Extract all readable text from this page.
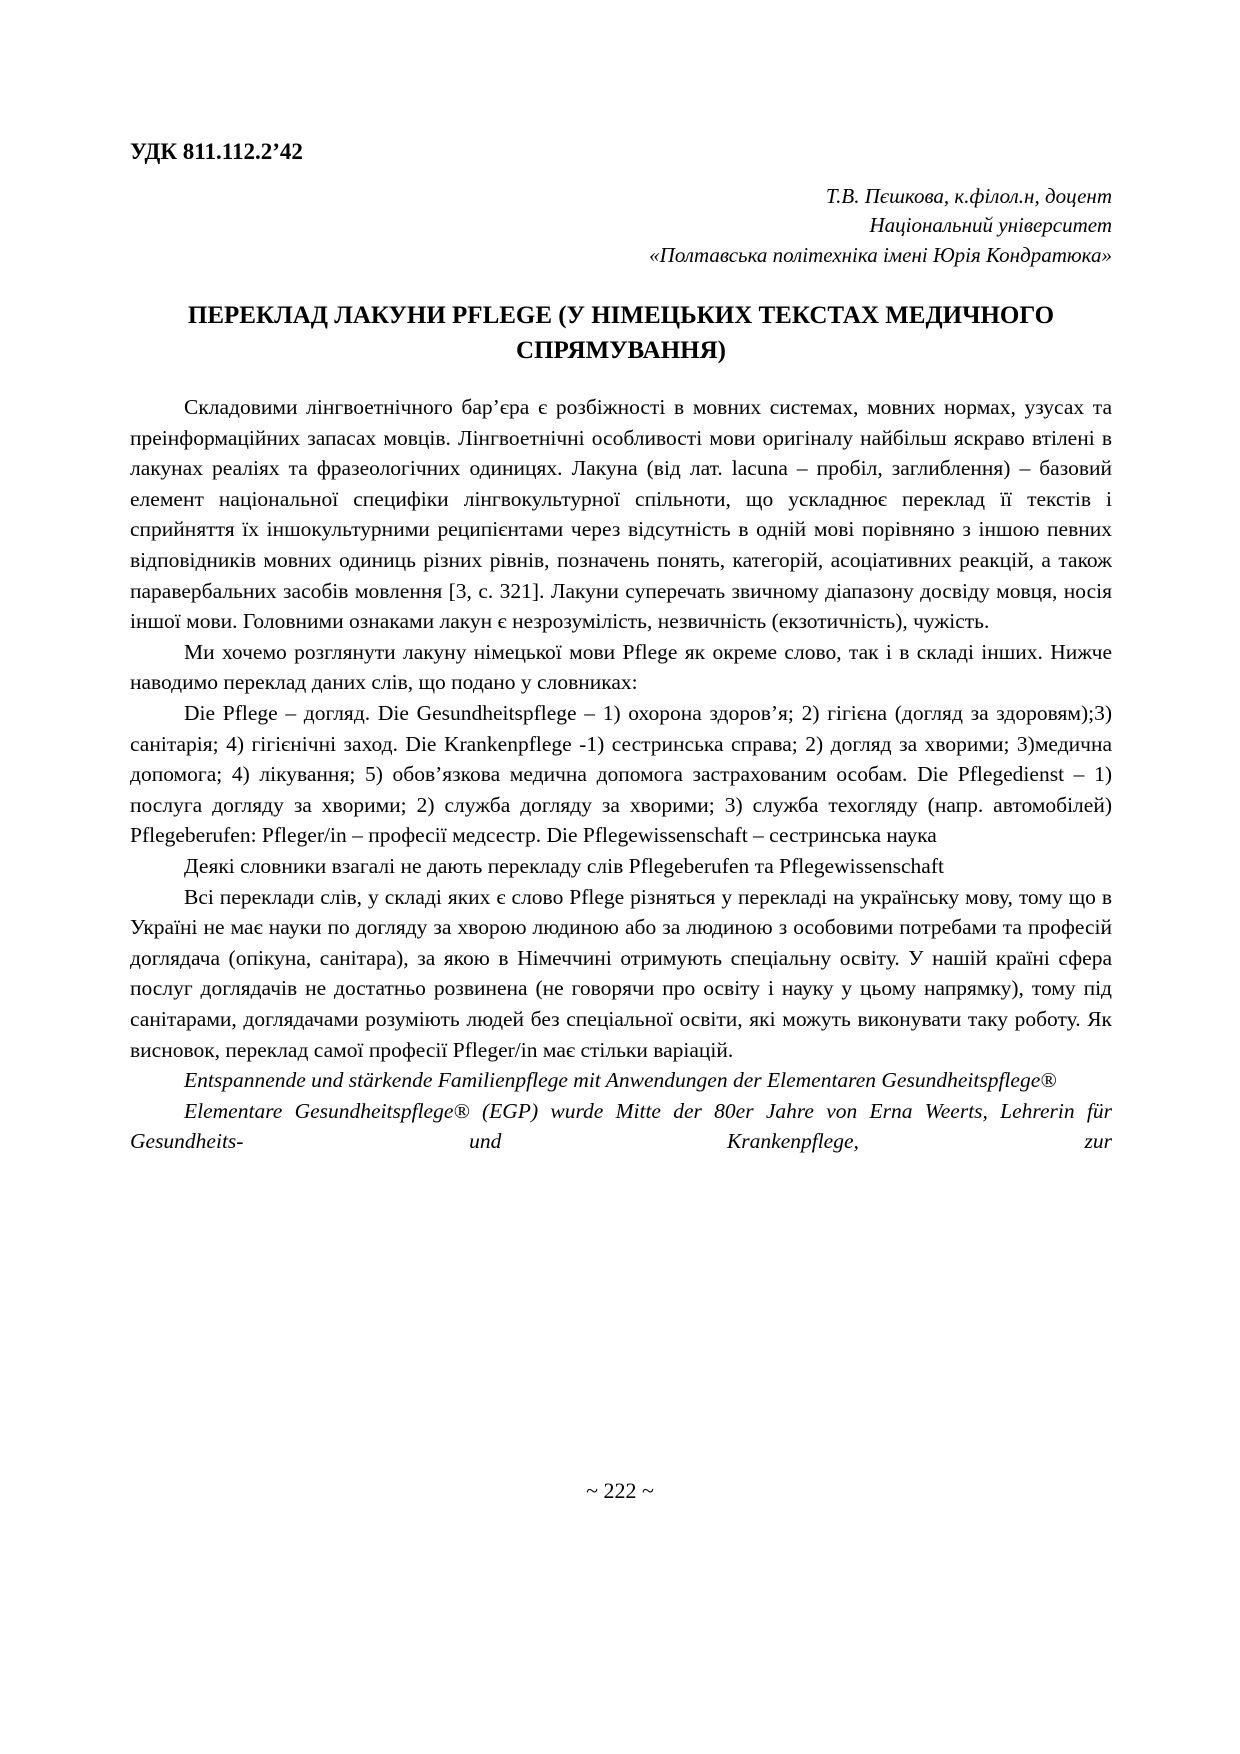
УДК 811.112.2’42
Т.В. Пєшкова, к.філол.н, доцент
Національний університет
«Полтавська політехніка імені Юрія Кондратюка»
ПЕРЕКЛАД ЛАКУНИ PFLEGE (У НІМЕЦЬКИХ ТЕКСТАХ МЕДИЧНОГО СПРЯМУВАННЯ)

Складовими лінгвоетнічного бар’єра є розбіжності в мовних системах, мовних нормах, узусах та преінформаційних запасах мовців. Лінгвоетнічні особливості мови оригіналу найбільш яскраво втілені в лакунах реаліях та фразеологічних одиницях. Лакуна (від лат. lacuna – пробіл, заглиблення) – базовий елемент національної специфіки лінгвокультурної спільноти, що ускладнює переклад її текстів і сприйняття їх іншокультурними реципієнтами через відсутність в одній мові порівняно з іншою певних відповідників мовних одиниць різних рівнів, позначень понять, категорій, асоціативних реакцій, а також паравербальних засобів мовлення [3, с. 321]. Лакуни суперечать звичному діапазону досвіду мовця, носія іншої мови. Головними ознаками лакун є незрозумілість, незвичність (екзотичність), чужість.

Ми хочемо розглянути лакуну німецької мови Pflege як окреме слово, так і в складі інших. Нижче наводимо переклад даних слів, що подано у словниках:

Die Pflege – догляд. Die Gesundheitspflege – 1) охорона здоров’я; 2) гігієна (догляд за здоровям);3) санітарія; 4) гігієнічні заход. Die Krankenpflege -1) сестринська справа; 2) догляд за хворими; 3)медична допомога; 4) лікування; 5) обов’язкова медична допомога застрахованим особам. Die Pflegedienst – 1) послуга догляду за хворими; 2) служба догляду за хворими; 3) служба техогляду (напр. автомобілей) Pflegeberufen: Pfleger/in – професії медсестр. Die Pflegewissenschaft – сестринська наука

Деякі словники взагалі не дають перекладу слів Pflegeberufen та Pflegewissenschaft

Всі переклади слів, у складі яких є слово Pflege різняться у перекладі на українську мову, тому що в Україні не має науки по догляду за хворою людиною або за людиною з особовими потребами та професій доглядача (опікуна, санітара), за якою в Німеччині отримують спеціальну освіту. У нашій країні сфера послуг доглядачів не достатньо розвинена (не говорячи про освіту і науку у цьому напрямку), тому під санітарами, доглядачами розуміють людей без спеціальної освіти, які можуть виконувати таку роботу. Як висновок, переклад самої професії Pfleger/in має стільки варіацій.

Entspannende und stärkende Familienpflege mit Anwendungen der Elementaren Gesundheitspflege®

Elementare Gesundheitspflege® (EGP) wurde Mitte der 80er Jahre von Erna Weerts, Lehrerin für Gesundheits- und Krankenpflege, zur

~ 222 ~
